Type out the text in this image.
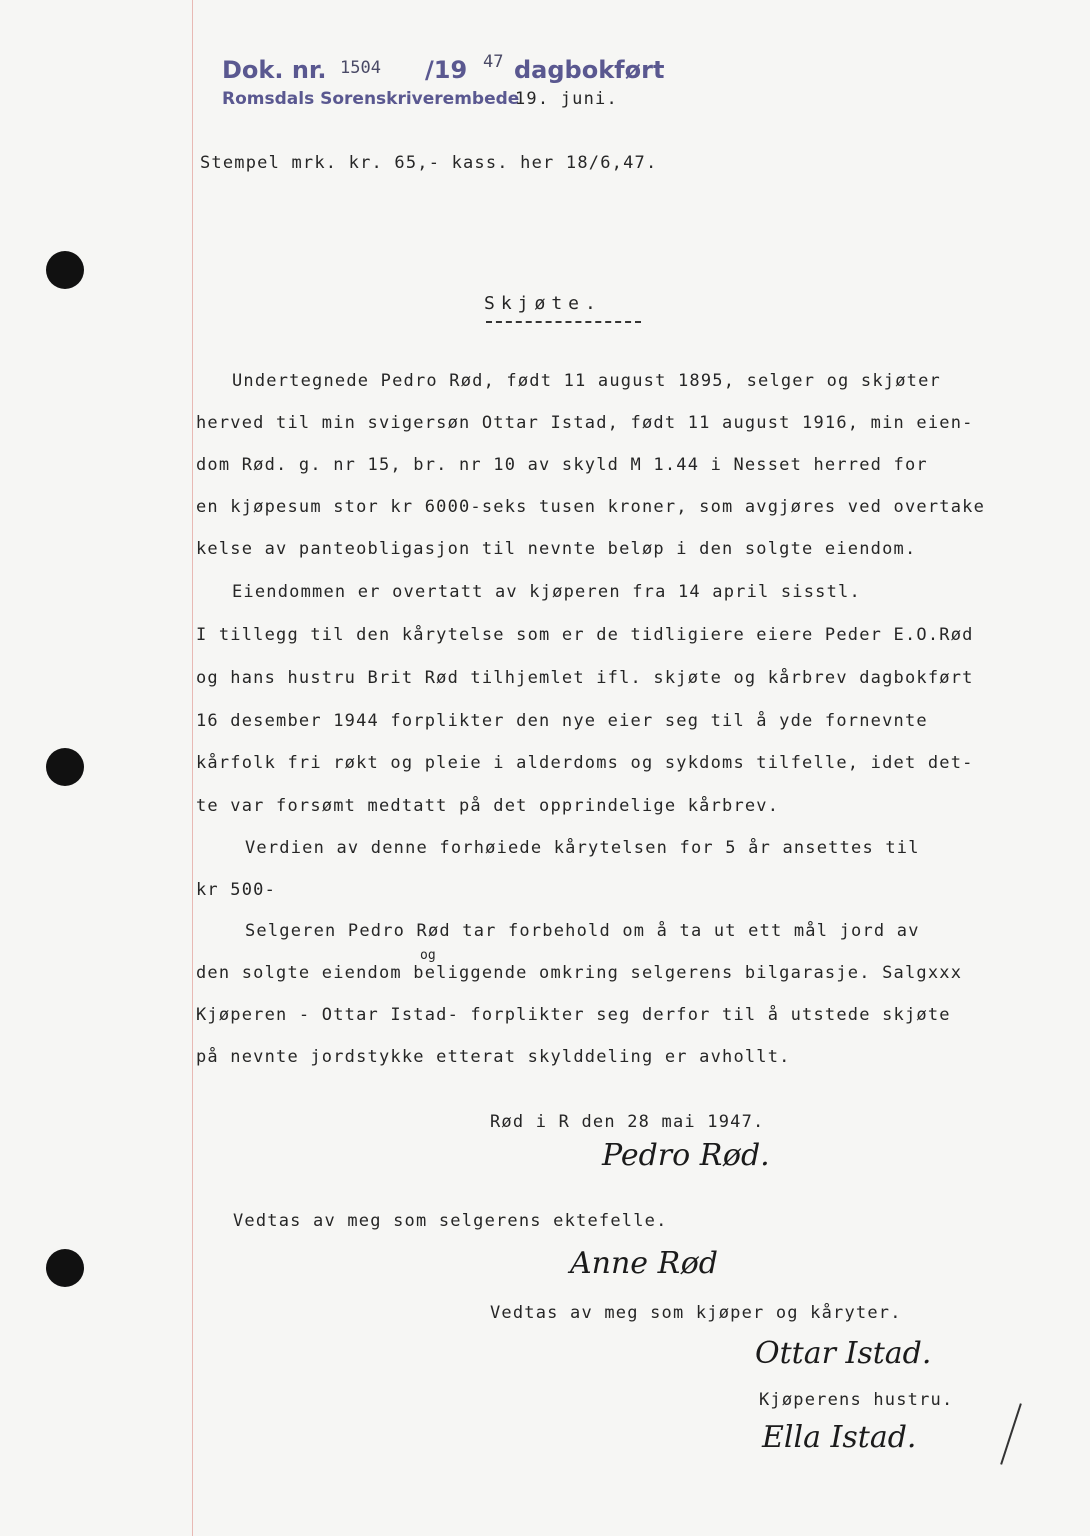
Dok. nr. 1504 /19 47 dagbokført
Romsdals Sorenskriverembede
19. juni.
Stempel mrk. kr. 65,- kass. her 18/6,47.
Skjøte.
Undertegnede Pedro Rød, født 11 august 1895, selger og skjøter
herved til min svigersøn Ottar Istad, født 11 august 1916, min eien-
dom Rød. g. nr 15, br. nr 10 av skyld M 1.44 i Nesset herred for
en kjøpesum stor kr 6000-seks tusen kroner, som avgjøres ved overtake
kelse av panteobligasjon til nevnte beløp i den solgte eiendom.
Eiendommen er overtatt av kjøperen fra 14 april sisstl.
I tillegg til den kårytelse som er de tidligiere eiere Peder E.O.Rød
og hans hustru Brit Rød tilhjemlet ifl. skjøte og kårbrev dagbokført
16 desember 1944 forplikter den nye eier seg til å yde fornevnte
kårfolk fri røkt og pleie i alderdoms og sykdoms tilfelle, idet det-
te var forsømt medtatt på det opprindelige kårbrev.
Verdien av denne forhøiede kårytelsen for 5 år ansettes til
kr 500-
Selgeren Pedro Rød tar forbehold om å ta ut ett mål jord av
og
den solgte eiendom beliggende omkring selgerens bilgarasje. Salgxxx
Kjøperen - Ottar Istad- forplikter seg derfor til å utstede skjøte
på nevnte jordstykke etterat skylddeling er avhollt.
Rød i R den 28 mai 1947.
Pedro Rød.
Vedtas av meg som selgerens ektefelle.
Anne Rød
Vedtas av meg som kjøper og kåryter.
Ottar Istad.
Kjøperens hustru.
Ella Istad.
